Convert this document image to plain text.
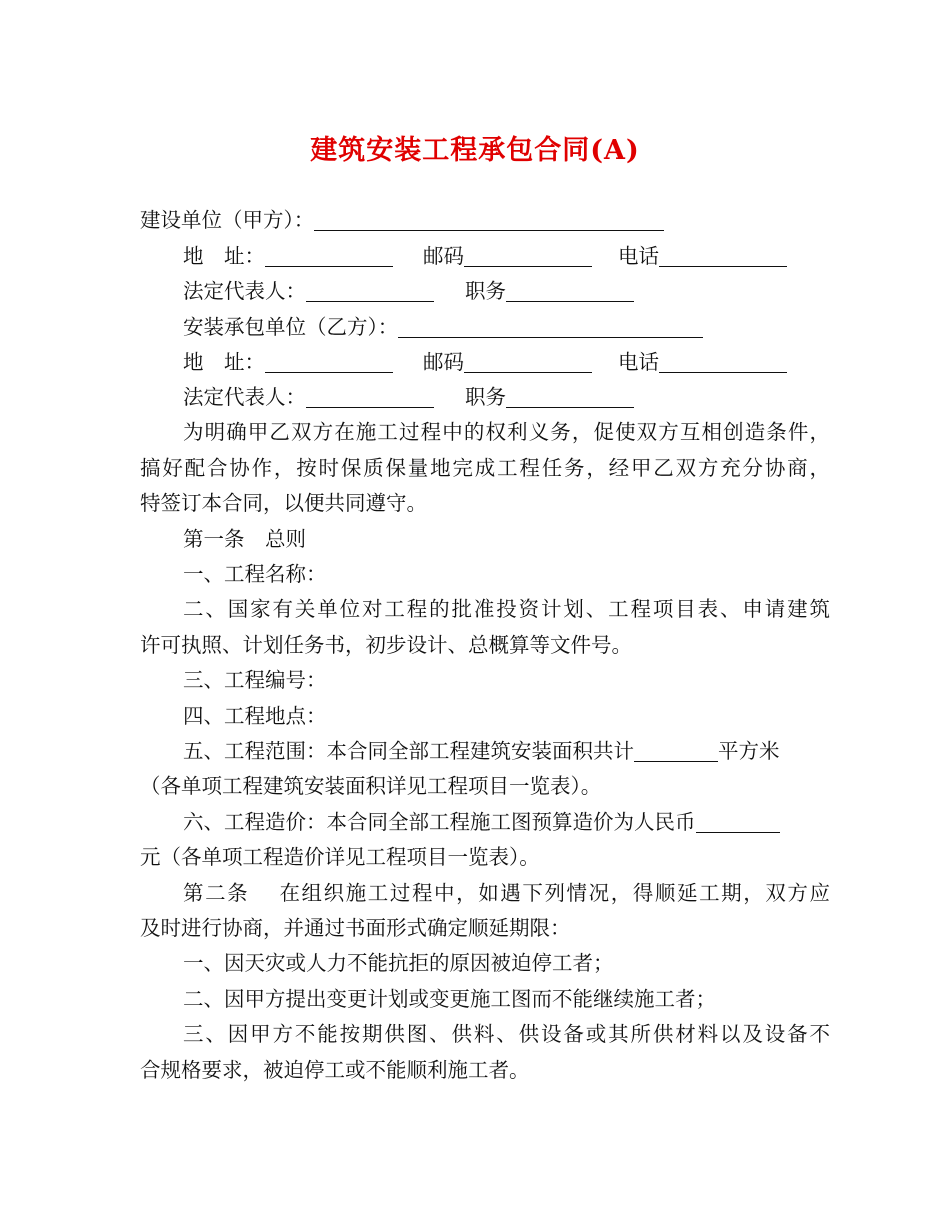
建筑安装工程承包合同(A)
建设单位（甲方）：
地　址：	邮码	电话
法定代表人：	职务
安装承包单位（乙方）：
地　址：	邮码	电话
法定代表人：	职务
为明确甲乙双方在施工过程中的权利义务，促使双方互相创造条件，
搞好配合协作，按时保质保量地完成工程任务，经甲乙双方充分协商，
特签订本合同，以便共同遵守。
第一条　总则
一、工程名称：
二、国家有关单位对工程的批准投资计划、工程项目表、申请建筑
许可执照、计划任务书，初步设计、总概算等文件号。
三、工程编号：
四、工程地点：
五、工程范围：本合同全部工程建筑安装面积共计	平方米
（各单项工程建筑安装面积详见工程项目一览表）。
六、工程造价：本合同全部工程施工图预算造价为人民币
元（各单项工程造价详见工程项目一览表）。
第二条　 在组织施工过程中，如遇下列情况，得顺延工期，双方应
及时进行协商，并通过书面形式确定顺延期限：
一、因天灾或人力不能抗拒的原因被迫停工者；
二、因甲方提出变更计划或变更施工图而不能继续施工者；
三、因甲方不能按期供图、供料、供设备或其所供材料以及设备不
合规格要求，被迫停工或不能顺利施工者。
